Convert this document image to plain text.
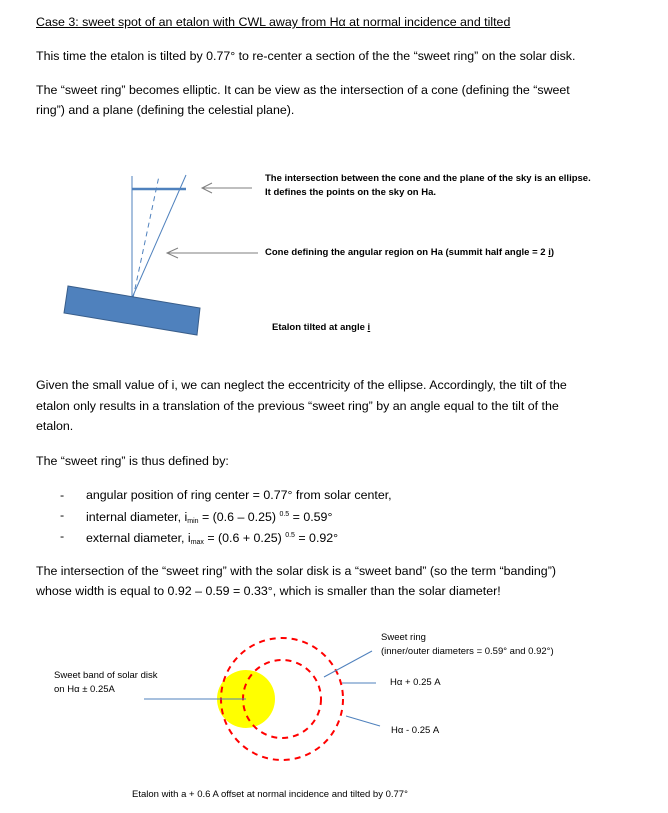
Case 3: sweet spot of an etalon with CWL away from Hα at normal incidence and tilted
This time the etalon is tilted by 0.77° to re-center a section of the the “sweet ring” on the solar disk.
The “sweet ring” becomes elliptic. It can be view as the intersection of a cone (defining the “sweet
ring”) and a plane (defining the celestial plane).
The intersection between the cone and the plane of the sky is an ellipse.
It defines the points on the sky on Ha.
Cone defining the angular region on Ha (summit half angle = 2 i)
Etalon tilted at angle i
Given the small value of i, we can neglect the eccentricity of the ellipse. Accordingly, the tilt of the
etalon only results in a translation of the previous “sweet ring” by an angle equal to the tilt of the
etalon.
The “sweet ring” is thus defined by:
- angular position of ring center = 0.77° from solar center,
- internal diameter, $i_{min} = (0.6 - 0.25) ^{0.5} = 0.59^\circ$
- external diameter, $i_{max} = (0.6 + 0.25) ^{0.5} = 0.92^\circ$
The intersection of the “sweet ring” with the solar disk is a “sweet band” (so the term “banding”)
whose width is equal to 0.92 – 0.59 = 0.33°, which is smaller than the solar diameter!
Sweet ring
(inner/outer diameters = 0.59° and 0.92°)
Hα + 0.25 A
Hα - 0.25 A
Sweet band of solar disk
on Hα ± 0.25A
Etalon with a + 0.6 A offset at normal incidence and tilted by 0.77°
